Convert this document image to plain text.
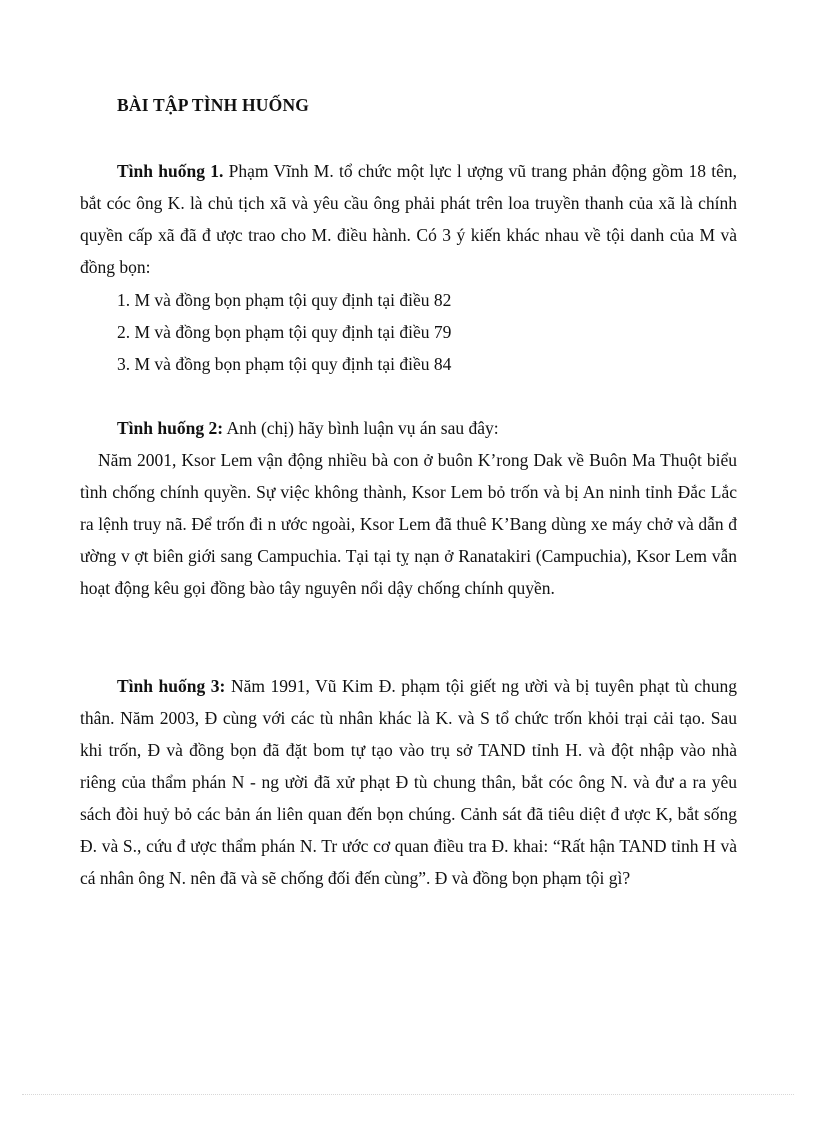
BÀI TẬP TÌNH HUỐNG

Tình huống 1. Phạm Vĩnh M. tổ chức một lực l ượng vũ trang phản động gồm 18 tên, bắt cóc ông K. là chủ tịch xã và yêu cầu ông phải phát trên loa truyền thanh của xã là chính quyền cấp xã đã đ ược trao cho M. điều hành. Có 3 ý kiến khác nhau về tội danh của M và đồng bọn:

1. M và đồng bọn phạm tội quy định tại điều 82
2. M và đồng bọn phạm tội quy định tại điều 79
3. M và đồng bọn phạm tội quy định tại điều 84

Tình huống 2: Anh (chị) hãy bình luận vụ án sau đây:

Năm 2001, Ksor Lem vận động nhiều bà con ở buôn K’rong Dak về Buôn Ma Thuột biểu tình chống chính quyền. Sự việc không thành, Ksor Lem bỏ trốn và bị An ninh tỉnh Đắc Lắc ra lệnh truy nã. Để trốn đi n ước ngoài, Ksor Lem đã thuê K’Bang dùng xe máy chở và dẫn đ ường v ợt biên giới sang Campuchia. Tại tại tỵ nạn ở Ranatakiri (Campuchia), Ksor Lem vẫn hoạt động kêu gọi đồng bào tây nguyên nổi dậy chống chính quyền.

Tình huống 3: Năm 1991, Vũ Kim Đ. phạm tội giết ng ười và bị tuyên phạt tù chung thân. Năm 2003, Đ cùng với các tù nhân khác là K. và S tổ chức trốn khỏi trại cải tạo. Sau khi trốn, Đ và đồng bọn đã đặt bom tự tạo vào trụ sở TAND tỉnh H. và đột nhập vào nhà riêng của thẩm phán N - ng ười đã xử phạt Đ tù chung thân, bắt cóc ông N. và đư a ra yêu sách đòi huỷ bỏ các bản án liên quan đến bọn chúng. Cảnh sát đã tiêu diệt đ ược K, bắt sống Đ. và S., cứu đ ược thẩm phán N. Tr ước cơ quan điều tra Đ. khai: “Rất hận TAND tỉnh H và cá nhân ông N. nên đã và sẽ chống đối đến cùng”. Đ và đồng bọn phạm tội gì?
